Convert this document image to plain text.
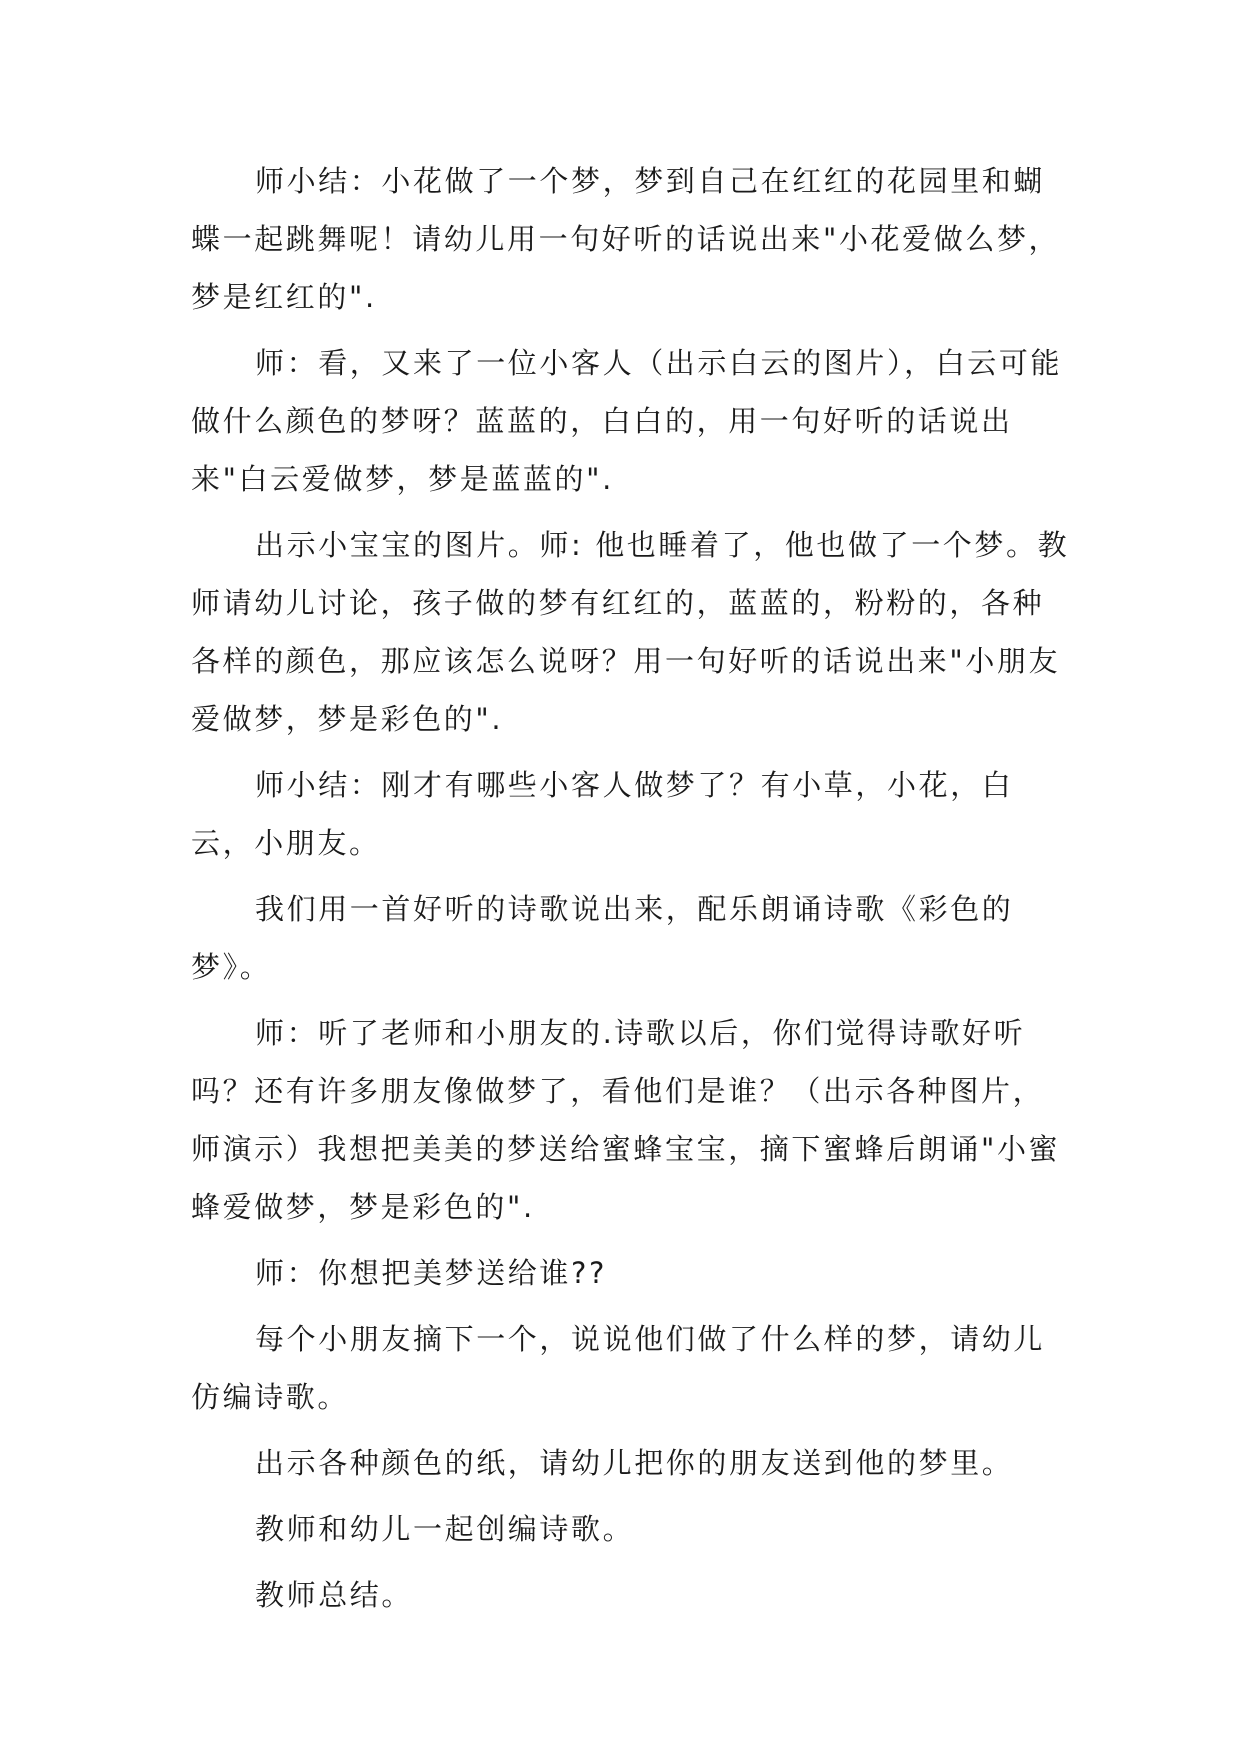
师小结：小花做了一个梦，梦到自己在红红的花园里和蝴蝶一起跳舞呢！请幼儿用一句好听的话说出来"小花爱做么梦，梦是红红的".

师：看，又来了一位小客人（出示白云的图片），白云可能做什么颜色的梦呀？蓝蓝的，白白的，用一句好听的话说出来"白云爱做梦，梦是蓝蓝的".

出示小宝宝的图片。师: 他也睡着了，他也做了一个梦。教师请幼儿讨论，孩子做的梦有红红的，蓝蓝的，粉粉的，各种各样的颜色，那应该怎么说呀？用一句好听的话说出来"小朋友爱做梦，梦是彩色的".

师小结：刚才有哪些小客人做梦了？有小草，小花，白云，小朋友。

我们用一首好听的诗歌说出来，配乐朗诵诗歌《彩色的梦》。

师：听了老师和小朋友的.诗歌以后，你们觉得诗歌好听吗？还有许多朋友像做梦了，看他们是谁？（出示各种图片，师演示）我想把美美的梦送给蜜蜂宝宝，摘下蜜蜂后朗诵"小蜜蜂爱做梦，梦是彩色的".

师：你想把美梦送给谁??

每个小朋友摘下一个，说说他们做了什么样的梦，请幼儿仿编诗歌。

出示各种颜色的纸，请幼儿把你的朋友送到他的梦里。

教师和幼儿一起创编诗歌。

教师总结。
